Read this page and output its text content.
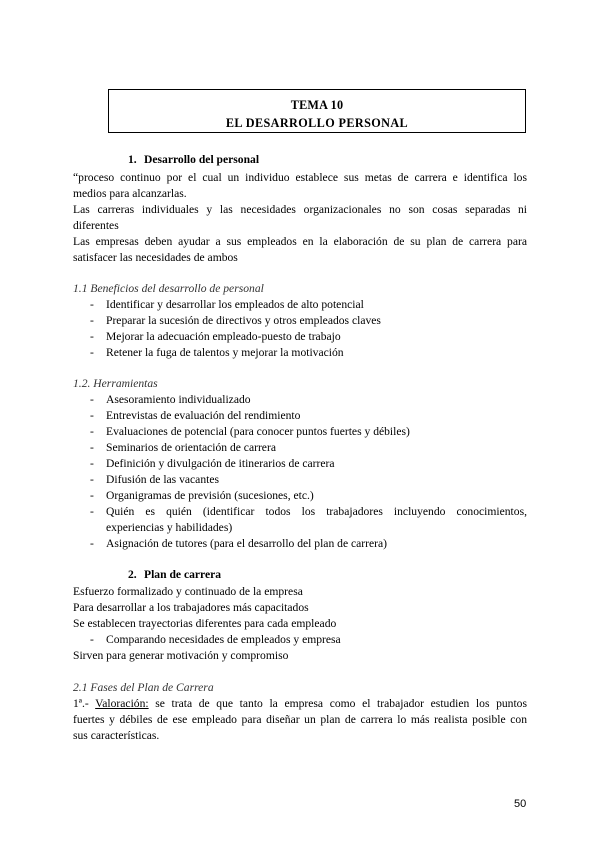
TEMA 10
EL DESARROLLO PERSONAL
1. Desarrollo del personal
“proceso continuo por el cual un individuo establece sus metas de carrera e identifica los
medios para alcanzarlas.
Las carreras individuales y las necesidades organizacionales no son cosas separadas ni
diferentes
Las empresas deben ayudar a sus empleados en la elaboración de su plan de carrera para
satisfacer las necesidades de ambos
1.1 Beneficios del desarrollo de personal
- Identificar y desarrollar los empleados de alto potencial
- Preparar la sucesión de directivos y otros empleados claves
- Mejorar la adecuación empleado-puesto de trabajo
- Retener la fuga de talentos y mejorar la motivación
1.2. Herramientas
- Asesoramiento individualizado
- Entrevistas de evaluación del rendimiento
- Evaluaciones de potencial (para conocer puntos fuertes y débiles)
- Seminarios de orientación de carrera
- Definición y divulgación de itinerarios de carrera
- Difusión de las vacantes
- Organigramas de previsión (sucesiones, etc.)
-	Quién es quién (identificar todos los trabajadores incluyendo conocimientos,
experiencias y habilidades)
- Asignación de tutores (para el desarrollo del plan de carrera)
2. Plan de carrera
Esfuerzo formalizado y continuado de la empresa
Para desarrollar a los trabajadores más capacitados
Se establecen trayectorias diferentes para cada empleado
- Comparando necesidades de empleados y empresa
Sirven para generar motivación y compromiso
2.1 Fases del Plan de Carrera
1ª.- Valoración: se trata de que tanto la empresa como el trabajador estudien los puntos
fuertes y débiles de ese empleado para diseñar un plan de carrera lo más realista posible con
sus características.
50
